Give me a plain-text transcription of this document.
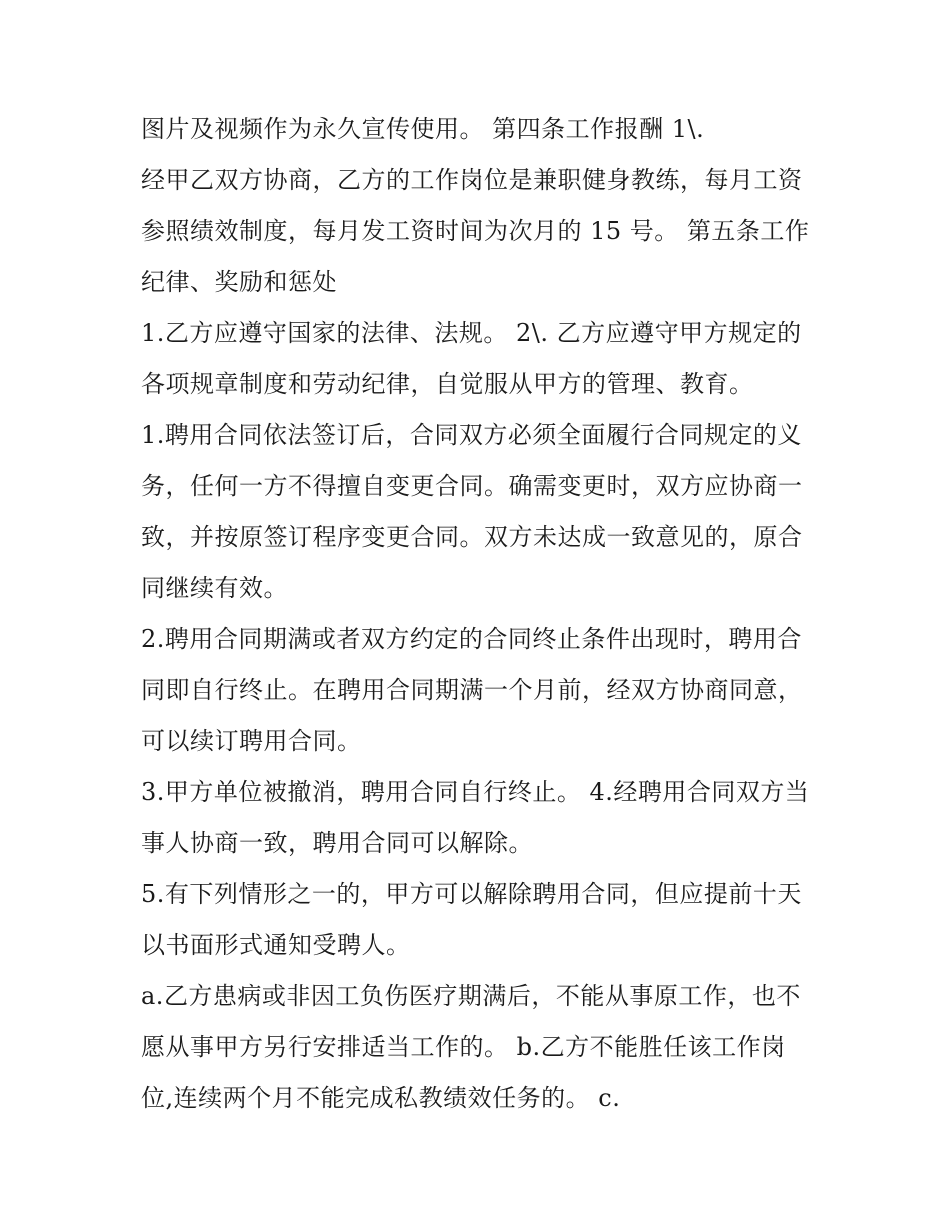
图片及视频作为永久宣传使用。 第四条工作报酬 1\.

经甲乙双方协商，乙方的工作岗位是兼职健身教练，每月工资参照绩效制度，每月发工资时间为次月的 15 号。 第五条工作纪律、奖励和惩处

1.乙方应遵守国家的法律、法规。 2\. 乙方应遵守甲方规定的各项规章制度和劳动纪律，自觉服从甲方的管理、教育。

1.聘用合同依法签订后，合同双方必须全面履行合同规定的义务，任何一方不得擅自变更合同。确需变更时，双方应协商一致，并按原签订程序变更合同。双方未达成一致意见的，原合同继续有效。

2.聘用合同期满或者双方约定的合同终止条件出现时，聘用合同即自行终止。在聘用合同期满一个月前，经双方协商同意，可以续订聘用合同。

3.甲方单位被撤消，聘用合同自行终止。 4.经聘用合同双方当事人协商一致，聘用合同可以解除。

5.有下列情形之一的，甲方可以解除聘用合同，但应提前十天以书面形式通知受聘人。

a.乙方患病或非因工负伤医疗期满后，不能从事原工作，也不愿从事甲方另行安排适当工作的。 b.乙方不能胜任该工作岗位,连续两个月不能完成私教绩效任务的。 c.
